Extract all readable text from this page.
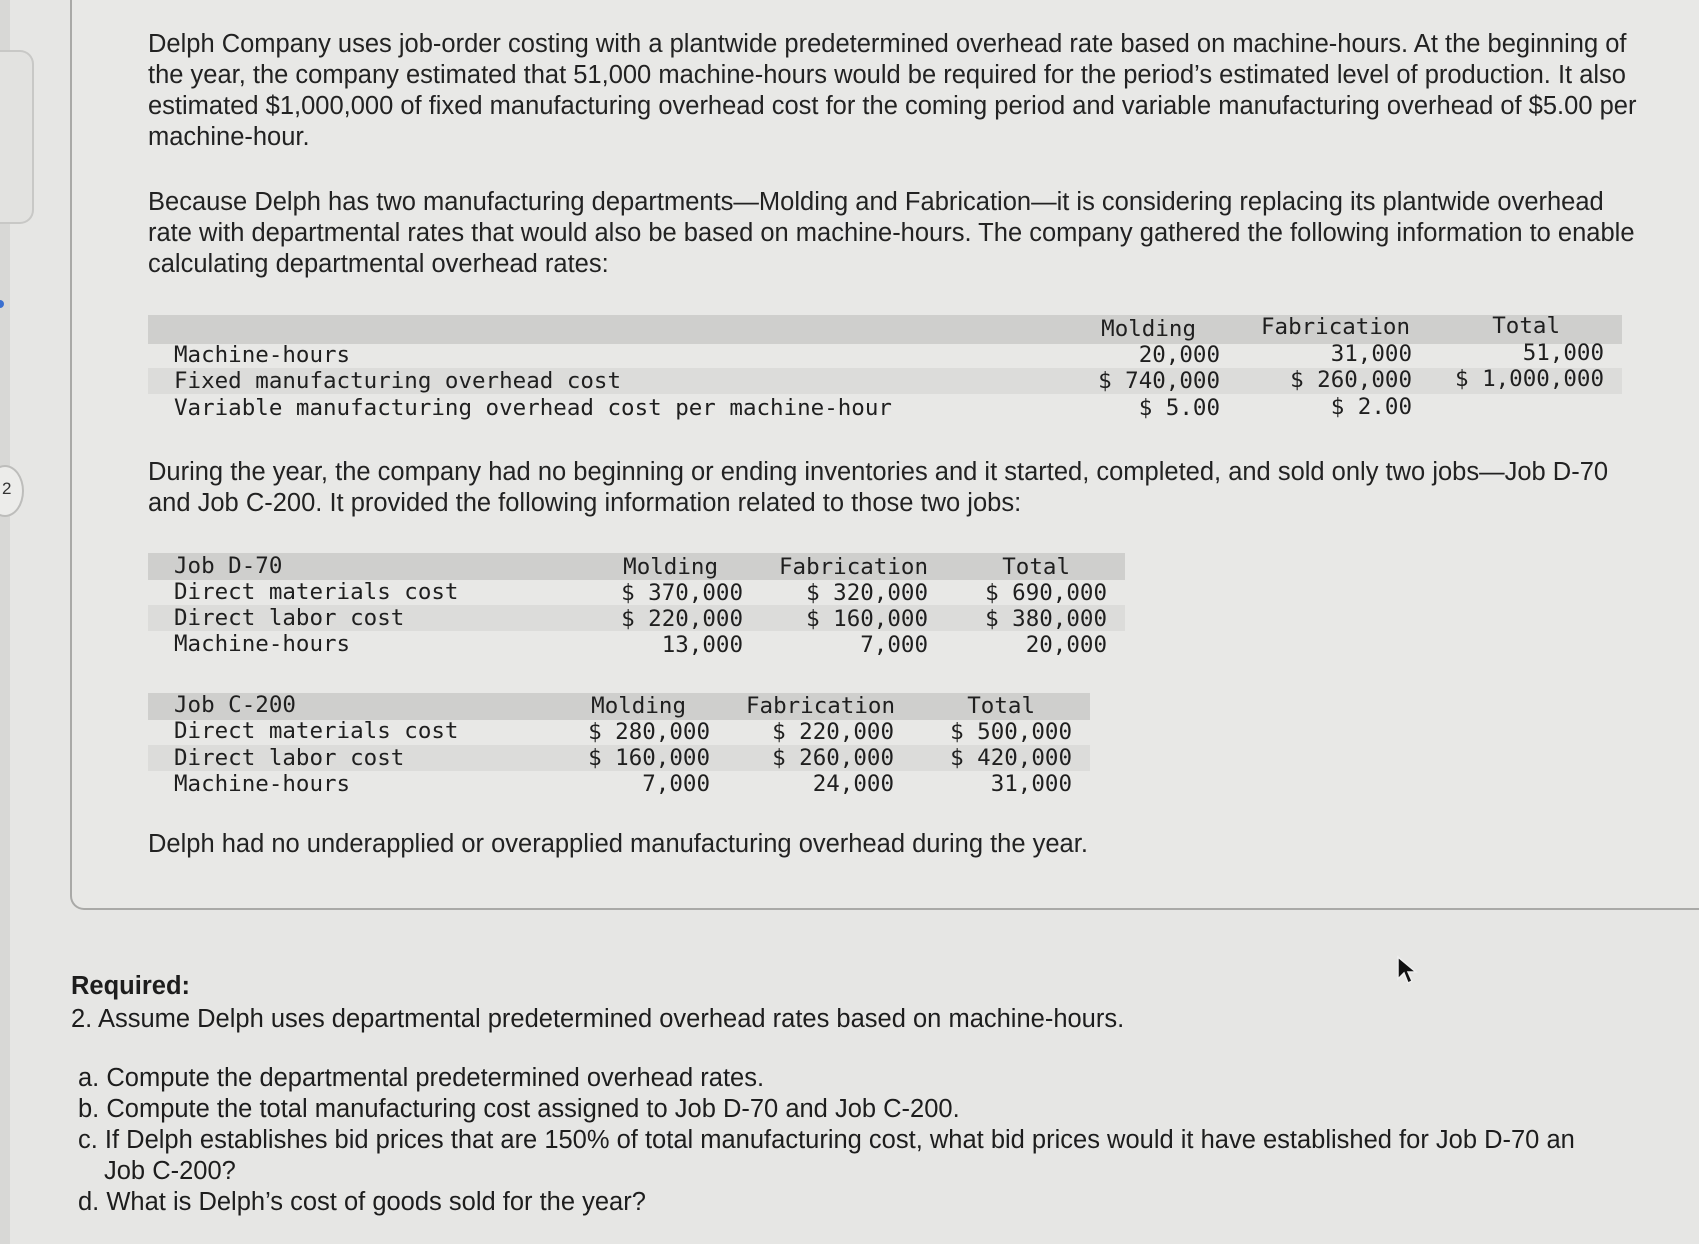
2

Delph Company uses job-order costing with a plantwide predetermined overhead rate based on machine-hours. At the beginning of the year, the company estimated that 51,000 machine-hours would be required for the period’s estimated level of production. It also estimated $1,000,000 of fixed manufacturing overhead cost for the coming period and variable manufacturing overhead of $5.00 per machine-hour.

Because Delph has two manufacturing departments—Molding and Fabrication—it is considering replacing its plantwide overhead rate with departmental rates that would also be based on machine-hours. The company gathered the following information to enable calculating departmental overhead rates:

Molding	Fabrication	Total
Machine-hours	20,000	31,000	51,000
Fixed manufacturing overhead cost	$ 740,000	$ 260,000	$ 1,000,000
Variable manufacturing overhead cost per machine-hour	$ 5.00	$ 2.00

During the year, the company had no beginning or ending inventories and it started, completed, and sold only two jobs—Job D-70 and Job C-200. It provided the following information related to those two jobs:

Job D-70	Molding	Fabrication	Total
Direct materials cost	$ 370,000	$ 320,000	$ 690,000
Direct labor cost	$ 220,000	$ 160,000	$ 380,000
Machine-hours	13,000	7,000	20,000
Job C-200	Molding	Fabrication	Total
Direct materials cost	$ 280,000	$ 220,000	$ 500,000
Direct labor cost	$ 160,000	$ 260,000	$ 420,000
Machine-hours	7,000	24,000	31,000

Delph had no underapplied or overapplied manufacturing overhead during the year.

Required:
2. Assume Delph uses departmental predetermined overhead rates based on machine-hours.
a. Compute the departmental predetermined overhead rates.
b. Compute the total manufacturing cost assigned to Job D-70 and Job C-200.
c. If Delph establishes bid prices that are 150% of total manufacturing cost, what bid prices would it have established for Job D-70 an
Job C-200?
d. What is Delph’s cost of goods sold for the year?
